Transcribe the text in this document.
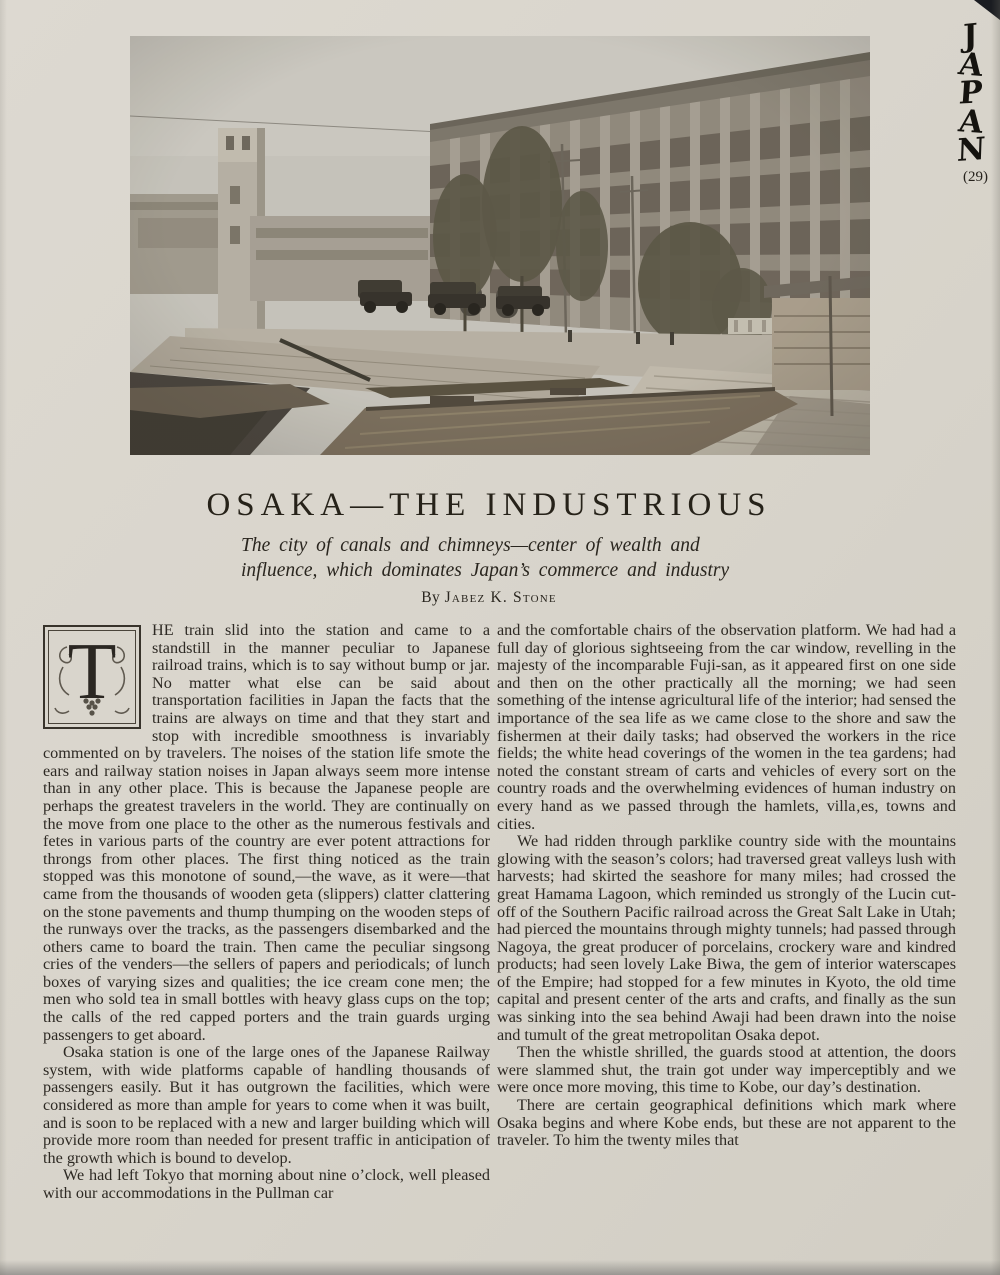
OSAKA—THE INDUSTRIOUS
The city of canals and chimneys—center of wealth and
influence, which dominates Japan’s commerce and industry
By Jabez K. Stone

T	HE train slid into the station and came to a standstill in the manner peculiar to Japanese railroad trains, which is to say without bump or jar. No matter what else can be said about transportation facilities in Japan the facts that the trains are always on time and that they start and stop with incredible smoothness is invariably commented on by travelers. The noises of the station life smote the ears and railway station noises in Japan always seem more intense than in any other place. This is because the Japanese people are perhaps the greatest travelers in the world. They are continually on the move from one place to the other as the numerous festivals and fetes in various parts of the country are ever potent attractions for throngs from other places. The first thing noticed as the train stopped was this monotone of sound,—the wave, as it were—that came from the thousands of wooden geta (slippers) clatter clattering on the stone pavements and thump thumping on the wooden steps of the runways over the tracks, as the passengers disembarked and the others came to board the train. Then came the peculiar singsong cries of the venders—the sellers of papers and periodicals; of lunch boxes of varying sizes and qualities; the ice cream cone men; the men who sold tea in small bottles with heavy glass cups on the top; the calls of the red capped porters and the train guards urging passengers to get aboard.

Osaka station is one of the large ones of the Japanese Railway system, with wide platforms capable of handling thousands of passengers easily. But it has outgrown the facilities, which were considered as more than ample for years to come when it was built, and is soon to be replaced with a new and larger building which will provide more room than needed for present traffic in anticipation of the growth which is bound to develop.

We had left Tokyo that morning about nine o’clock, well pleased with our accommodations in the Pullman car

and the comfortable chairs of the observation platform. We had had a full day of glorious sightseeing from the car window, revelling in the majesty of the incomparable Fuji-san, as it appeared first on one side and then on the other practically all the morning; we had seen something of the intense agricultural life of the interior; had sensed the importance of the sea life as we came close to the shore and saw the fishermen at their daily tasks; had observed the workers in the rice fields; the white head coverings of the women in the tea gardens; had noted the constant stream of carts and vehicles of every sort on the country roads and the overwhelming evidences of human industry on every hand as we passed through the hamlets, villa‚es, towns and cities.

We had ridden through parklike country side with the mountains glowing with the season’s colors; had traversed great valleys lush with harvests; had skirted the seashore for many miles; had crossed the great Hamama Lagoon, which reminded us strongly of the Lucin cut-off of the Southern Pacific railroad across the Great Salt Lake in Utah; had pierced the mountains through mighty tunnels; had passed through Nagoya, the great producer of porcelains, crockery ware and kindred products; had seen lovely Lake Biwa, the gem of interior waterscapes of the Empire; had stopped for a few minutes in Kyoto, the old time capital and present center of the arts and crafts, and finally as the sun was sinking into the sea behind Awaji had been drawn into the noise and tumult of the great metropolitan Osaka depot.

Then the whistle shrilled, the guards stood at attention, the doors were slammed shut, the train got under way imperceptibly and we were once more moving, this time to Kobe, our day’s destination.

There are certain geographical definitions which mark where Osaka begins and where Kobe ends, but these are not apparent to the traveler. To him the twenty miles that

J
A
P
A
N
(29)
